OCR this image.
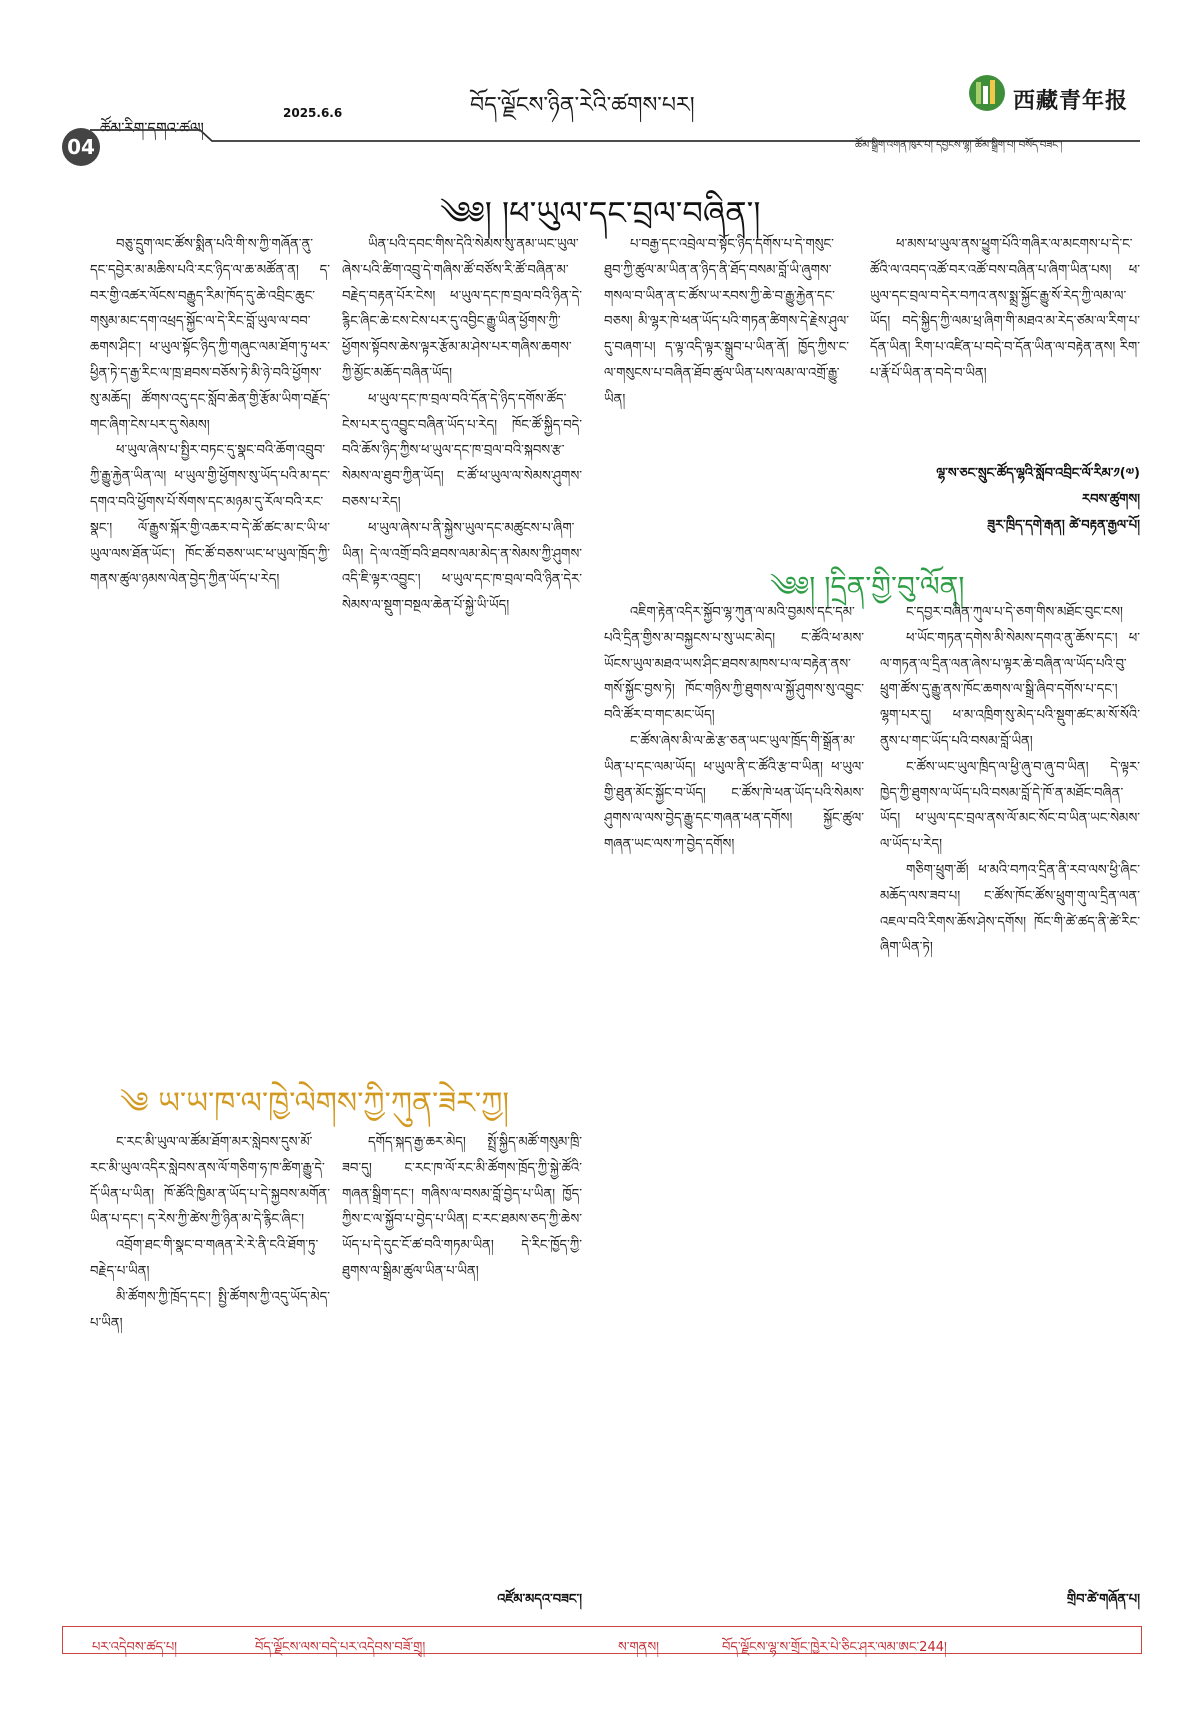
ཚོམ་རིག་དགའ་ཚལ།
2025.6.6	བོད་ལྗོངས་ཉིན་རེའི་ཚགས་པར།	西藏青年报
04	ཚོམ་སྒྲིག་འགན་ཁུར་པ། དབྱངས་ལྷ། ཚོམ་སྒྲིག་པ། བསོད་བཟང་།
༄༅། །ཕ་ཡུལ་དང་བྲལ་བཞིན་།

བཅུ་དྲུག་ལང་ཚོས་སྨིན་པའི་གི་ས་ཀྱི་གཞོན་ནུ་དང་དབྱེར་མ་མཆིས་པའི་རང་ཉིད་ལ་ཆ་མཚོན་ན། ད་བར་གྱི་འཚར་ལོངས་བརྒྱུད་རིམ་ཁོད་དུ་ཆེ་འབྲིང་ཆུང་གསུམ་མང་དག་འཕྲད་སྐྱོང་ལ་དེ་རིང་བློ་ཡུལ་ལ་བབ་ཆགས་ཤིང་། ཕ་ཡུལ་སྟོང་ཉིད་ཀྱི་གཞུང་ལམ་ཐོག་ཏུ་ཕར་ཕྱིན་ཏེ་ད་རྒྱ་རིང་ལ་ཁྲ་ཐབས་བཅོས་ཏེ་མི་ཉེ་བའི་ཕྱོགས་སུ་མཆོད། ཚོགས་འདུ་དང་སློབ་ཆེན་གྱི་རྩོམ་ཡིག་བརྗོད་གང་ཞིག་ངེས་པར་དུ་སེམས།

ཕ་ཡུལ་ཞེས་པ་སྤྱིར་བཏང་དུ་སྣང་བའི་ཆོག་འབྲུབ་ཀྱི་རྒྱུ་རྐྱེན་ཡིན་ལ། ཕ་ཡུལ་གྱི་ཕྱོགས་སུ་ཡོད་པའི་མ་དང་དགའ་བའི་ཕྱོགས་པོ་སོགས་དང་མཉམ་དུ་རོལ་བའི་རང་སྣང་། ལོ་རྒྱུས་སྐོར་གྱི་འཆར་བ་དེ་ཚོ་ཚང་མ་ང་ཡི་ཕ་ཡུལ་ལས་ཐོན་ཡོང་། ཁོང་ཚོ་བཅས་ཡང་ཕ་ཡུལ་ཁྲོད་ཀྱི་གནས་ཚུལ་ཉམས་ལེན་བྱེད་ཀྱིན་ཡོད་པ་རེད།

ཡིན་པའི་དབང་གིས་དེའི་སེམས་སུ་ནམ་ཡང་ཡུལ་ཞེས་པའི་ཚིག་འབྲུ་དེ་གཞིས་ཚོ་བཙོས་རི་ཚོ་བཞིན་མ་བརྗེད་བརྟན་པོར་ངེས། ཕ་ཡུལ་དང་ཁ་བྲལ་བའི་ཉིན་དེ་རྙིང་ཞིང་ཆེ་ངས་ངེས་པར་དུ་འབྱིང་རྒྱུ་ཡིན་ཕྱོགས་ཀྱི་ཕྱོགས་སྟོབས་ཆེས་ལྟར་རྩོམ་མ་ཤེས་པར་གཞིས་ཆགས་ཀྱི་མྱོང་མཆོད་བཞིན་ཡོད།

ཕ་ཡུལ་དང་ཁ་བྲལ་བའི་དོན་དེ་ཉིད་དགོས་ཚོད་ངེས་པར་དུ་འབྱུང་བཞིན་ཡོད་པ་རེད། ཁོང་ཚོ་སྐྱིད་བདེ་བའི་ཆོས་ཉིད་ཀྱིས་ཕ་ཡུལ་དང་ཁ་བྲལ་བའི་སྐབས་རྩ་སེམས་ལ་ཐུབ་ཀྱིན་ཡོད། ང་ཚོ་ཕ་ཡུལ་ལ་སེམས་ཤུགས་བཅས་པ་རེད།

ཕ་ཡུལ་ཞེས་པ་ནི་སྐྱེས་ཡུལ་དང་མཚུངས་པ་ཞིག་ཡིན། དེ་ལ་འགྲོ་བའི་ཐབས་ལམ་མེད་ན་སེམས་ཀྱི་ཤུགས་འདི་ཇི་ལྟར་འབྱུང་། ཕ་ཡུལ་དང་ཁ་བྲལ་བའི་ཉིན་དེར་སེམས་ལ་སྡུག་བསྔལ་ཆེན་པོ་སྐྱེ་ཡི་ཡོད།

པ་བརྒྱ་དང་འབྲེལ་བ་སྟོང་ཉིད་དགོས་པ་དེ་གསུང་ཐུབ་ཀྱི་ཚུལ་མ་ཡིན་ན་ཉིད་ནི་ཐོད་བསམ་བློ་ཡི་ཞུགས་གསལ་བ་ཡིན་ན་ང་ཚོས་ཡ་རབས་ཀྱི་ཆེ་བ་རྒྱུ་རྐྱེན་དང་བཅས། མི་ལྷར་ཁེ་ཕན་ཡོད་པའི་གཏན་ཚིགས་དེ་རྗེས་ཤུལ་དུ་བཞག་པ། ད་ལྟ་འདི་ལྟར་སྒྲུབ་པ་ཡིན་ནོ། ཁྱོད་ཀྱིས་ང་ལ་གསུངས་པ་བཞིན་ཐོབ་ཚུལ་ཡིན་པས་ལམ་ལ་འགྲོ་རྒྱུ་ཡིན།

ཕ་མས་ཕ་ཡུལ་ནས་ཕྱུག་པོའི་གཞིར་ལ་མངགས་པ་དེ་ང་ཚོའི་ལ་འབད་འཚོ་བར་འཚོ་བས་བཞིན་པ་ཞིག་ཡིན་པས། ཕ་ཡུལ་དང་བྲལ་བ་དེར་བཀའ་ནས་སྨྲ་སྐྱོང་རྒྱུ་སོ་རེད་ཀྱི་ལམ་ལ་ཡོད། བདེ་སྐྱིད་ཀྱི་ལམ་ཕྲ་ཞིག་གི་མཐའ་མ་རེད་ཙམ་ལ་རིག་པ་དོན་ཡིན། རིག་པ་འཛིན་པ་བདེ་བ་དོན་ཡིན་ལ་བརྟེན་ནས། རིག་པ་རྣོ་པོ་ཡིན་ན་བདེ་བ་ཡིན།

ལྷ་ས་ཅང་སྲུང་ཚོད་ལྷའི་སློབ་འབྲིང་ལོ་རིམ་༡(༧)
རབས་ཚུགས།
ཟུར་ཁྲིད་དགེ་རྒན། ཚེ་བརྟན་རྒྱལ་པོ།
༄༅། །དྲིན་གྱི་བུ་ལོན།

འཇིག་རྟེན་འདིར་སྐྱོབ་ལྷ་ཀུན་ལ་མའི་བྱམས་དང་དམ་པའི་དྲིན་གྱིས་མ་བསྐྱངས་པ་སུ་ཡང་མེད། ང་ཚོའི་ཕ་མས་ཡོངས་ཡུལ་མཐའ་ཡས་ཤིང་ཐབས་མཁས་པ་ལ་བརྟེན་ནས་གསོ་སྐྱོང་བྱས་ཏེ། ཁོང་གཉིས་ཀྱི་ཐུགས་ལ་སྐྱོ་ཤུགས་སུ་འབྱུང་བའི་ཚོར་བ་གང་མང་ཡོད།

ང་ཚོས་ཞེས་མི་ལ་ཆེ་རྩ་ཅན་ཡང་ཡུལ་ཁྲོད་གི་སྒྲོན་མ་ཡིན་པ་དང་ལམ་ཡོད། ཕ་ཡུལ་ནི་ང་ཚོའི་རྩ་བ་ཡིན། ཕ་ཡུལ་གྱི་ཐུན་མོང་སྐྱོང་བ་ཡོད། ང་ཚོས་ཁེ་ཕན་ཡོད་པའི་སེམས་ཤུགས་ལ་ལས་བྱེད་རྒྱུ་དང་གཞན་ཕན་དགོས། སྐྱོང་ཚུལ་གཞན་ཡང་ལས་ཀ་བྱེད་དགོས།

ང་དབྱར་བཞིན་ཀུལ་པ་དེ་ཅག་གིས་མཐོང་བུང་ངས།

ཕ་ཡོང་གཏན་དགེས་མི་སེམས་དགའ་ནུ་ཆོས་དང་། ཕ་ལ་གཏན་ལ་དྲིན་ལན་ཞེས་པ་ལྟར་ཆེ་བཞིན་ལ་ཡོད་པའི་བུ་ཕྲུག་ཚོས་དུ་རྒྱུ་ནས་ཁོང་ཆགས་ལ་སྒྲི་ཞིབ་དགོས་པ་དང་། ལྷག་པར་དུ། ཕ་མ་འཁྲིག་སུ་མེད་པའི་སྡུག་ཚང་མ་སོ་སོའི་ནུས་པ་གང་ཡོད་པའི་བསམ་བློ་ཡིན།

ང་ཚོས་ཡང་ཡུལ་ཁྲིད་ལ་ཕྱི་ཞུ་བ་ཞུ་བ་ཡིན། དེ་ལྟར་ཁྱེད་ཀྱི་ཐུགས་ལ་ཡོད་པའི་བསམ་བློ་དེ་ཁོ་ན་མཐོང་བཞིན་ཡོད། ཕ་ཡུལ་དང་བྲལ་ནས་ལོ་མང་སོང་བ་ཡིན་ཡང་སེམས་ལ་ཡོད་པ་རེད།

གཅིག་ཕྲུག་ཚོ། ཕ་མའི་བཀའ་དྲིན་ནི་རབ་ལས་ཕྱི་ཞིང་མཆོད་ལས་ཟབ་པ། ང་ཚོས་ཁོང་ཚོས་ཕྲུག་གུ་ལ་དྲིན་ལན་འཇལ་བའི་རིགས་ཆོས་ཤེས་དགོས། ཁོང་གི་ཚེ་ཚད་ནི་ཚེ་རིང་ཞིག་ཡིན་ཏེ།

གྲིབ་ཚེ་གཞོན་པ།
༄ ཡ་ཡ་ཁ་ལ་ཁྱེ་ལེགས་ཀྱི་ཀུན་ཟེར་ཀྱ།

ང་རང་མི་ཡུལ་ལ་ཚོམ་ཐོག་མར་སླེབས་དུས་མོ་རང་མི་ཡུལ་འདིར་སླེབས་ནས་ལོ་གཅིག་ཧ་ཁ་ཚིག་རྒྱུ་དེ་དོ་ཡིན་པ་ཡིན། ཁོ་ཚོའི་ཁྱིམ་ན་ཡོད་པ་དེ་སྐྱབས་མགོན་ཡིན་པ་དང་། ད་རེས་ཀྱི་ཚེས་ཀྱི་ཉིན་མ་དེ་རྙིང་ཞིང་།

འབྲོག་ཐང་གི་སྣང་བ་གཞན་རེ་རེ་ནི་ངའི་ཐོག་ཏུ་བརྗེད་པ་ཡིན།

མི་ཚོགས་ཀྱི་ཁྲོད་དང་། སྤྱི་ཚོགས་ཀྱི་འདུ་ཡོད་མེད་པ་ཡིན།

དགོད་སྐད་རྒྱ་ཆར་མེད། སྤྲོ་སྐྱིད་མཚོ་གསུམ་ཁྲི་ཟབ་དུ། ང་རང་ཁ་ལོ་རང་མི་ཚོགས་ཁྲོད་ཀྱི་སྐྱེ་ཚོའི་གཞན་སྒྲིག་དང་། གཞིས་ལ་བསམ་བློ་བྱེད་པ་ཡིན། ཁྱོད་ཀྱིས་ང་ལ་སྐྱོབ་པ་བྱེད་པ་ཡིན། ང་རང་ཐམས་ཅད་ཀྱི་ཆེས་ཡོད་པ་དེ་དུང་ངོ་ཚ་བའི་གཏམ་ཡིན། དེ་རིང་ཁྱོད་ཀྱི་ཐུགས་ལ་སྒྲིམ་ཚུལ་ཡིན་པ་ཡིན།

འཛོམ་མདའ་བཟང་།
པར་འདེབས་ཚད་པ།	བོད་ལྗོངས་ལས་བདེ་པར་འདེབས་བཟོ་གྲྭ།	ས་གནས།	བོད་ལྗོངས་ལྷ་ས་གྲོང་ཁྱེར་པེ་ཅིང་ཤར་ལམ་ཨང་244།
